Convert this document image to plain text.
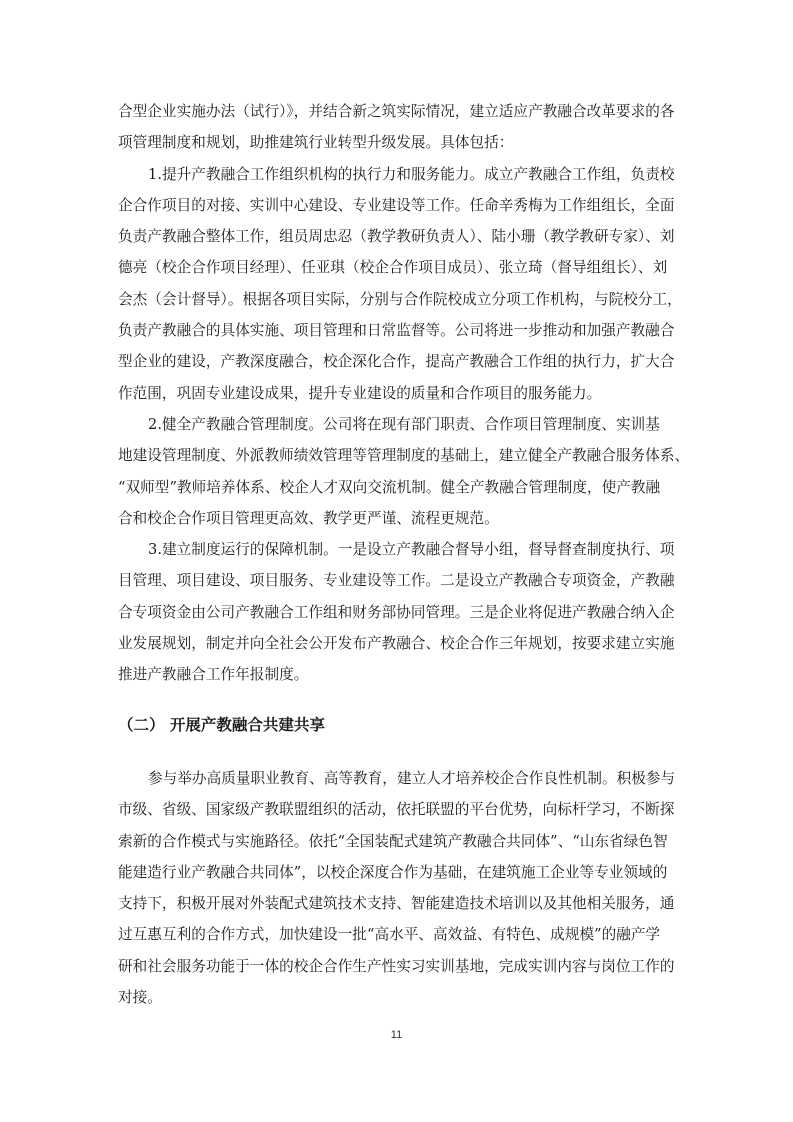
合型企业实施办法（试行）》，并结合新之筑实际情况，建立适应产教融合改革要求的各

项管理制度和规划，助推建筑行业转型升级发展。具体包括：

1.提升产教融合工作组织机构的执行力和服务能力。成立产教融合工作组，负责校

企合作项目的对接、实训中心建设、专业建设等工作。任命辛秀梅为工作组组长，全面

负责产教融合整体工作，组员周忠忍（教学教研负责人）、陆小珊（教学教研专家）、刘

德亮（校企合作项目经理）、任亚琪（校企合作项目成员）、张立琦（督导组组长）、刘

会杰（会计督导）。根据各项目实际，分别与合作院校成立分项工作机构，与院校分工，

负责产教融合的具体实施、项目管理和日常监督等。公司将进一步推动和加强产教融合

型企业的建设，产教深度融合，校企深化合作，提高产教融合工作组的执行力，扩大合

作范围，巩固专业建设成果，提升专业建设的质量和合作项目的服务能力。

2.健全产教融合管理制度。公司将在现有部门职责、合作项目管理制度、实训基

地建设管理制度、外派教师绩效管理等管理制度的基础上，建立健全产教融合服务体系、

“双师型”教师培养体系、校企人才双向交流机制。健全产教融合管理制度，使产教融

合和校企合作项目管理更高效、教学更严谨、流程更规范。

3.建立制度运行的保障机制。一是设立产教融合督导小组，督导督查制度执行、项

目管理、项目建设、项目服务、专业建设等工作。二是设立产教融合专项资金，产教融

合专项资金由公司产教融合工作组和财务部协同管理。三是企业将促进产教融合纳入企

业发展规划，制定并向全社会公开发布产教融合、校企合作三年规划，按要求建立实施

推进产教融合工作年报制度。

（二） 开展产教融合共建共享

参与举办高质量职业教育、高等教育，建立人才培养校企合作良性机制。积极参与

市级、省级、国家级产教联盟组织的活动，依托联盟的平台优势，向标杆学习，不断探

索新的合作模式与实施路径。依托“全国装配式建筑产教融合共同体”、“山东省绿色智

能建造行业产教融合共同体”，以校企深度合作为基础，在建筑施工企业等专业领域的

支持下，积极开展对外装配式建筑技术支持、智能建造技术培训以及其他相关服务，通

过互惠互利的合作方式，加快建设一批“高水平、高效益、有特色、成规模”的融产学

研和社会服务功能于一体的校企合作生产性实习实训基地，完成实训内容与岗位工作的

对接。

11
